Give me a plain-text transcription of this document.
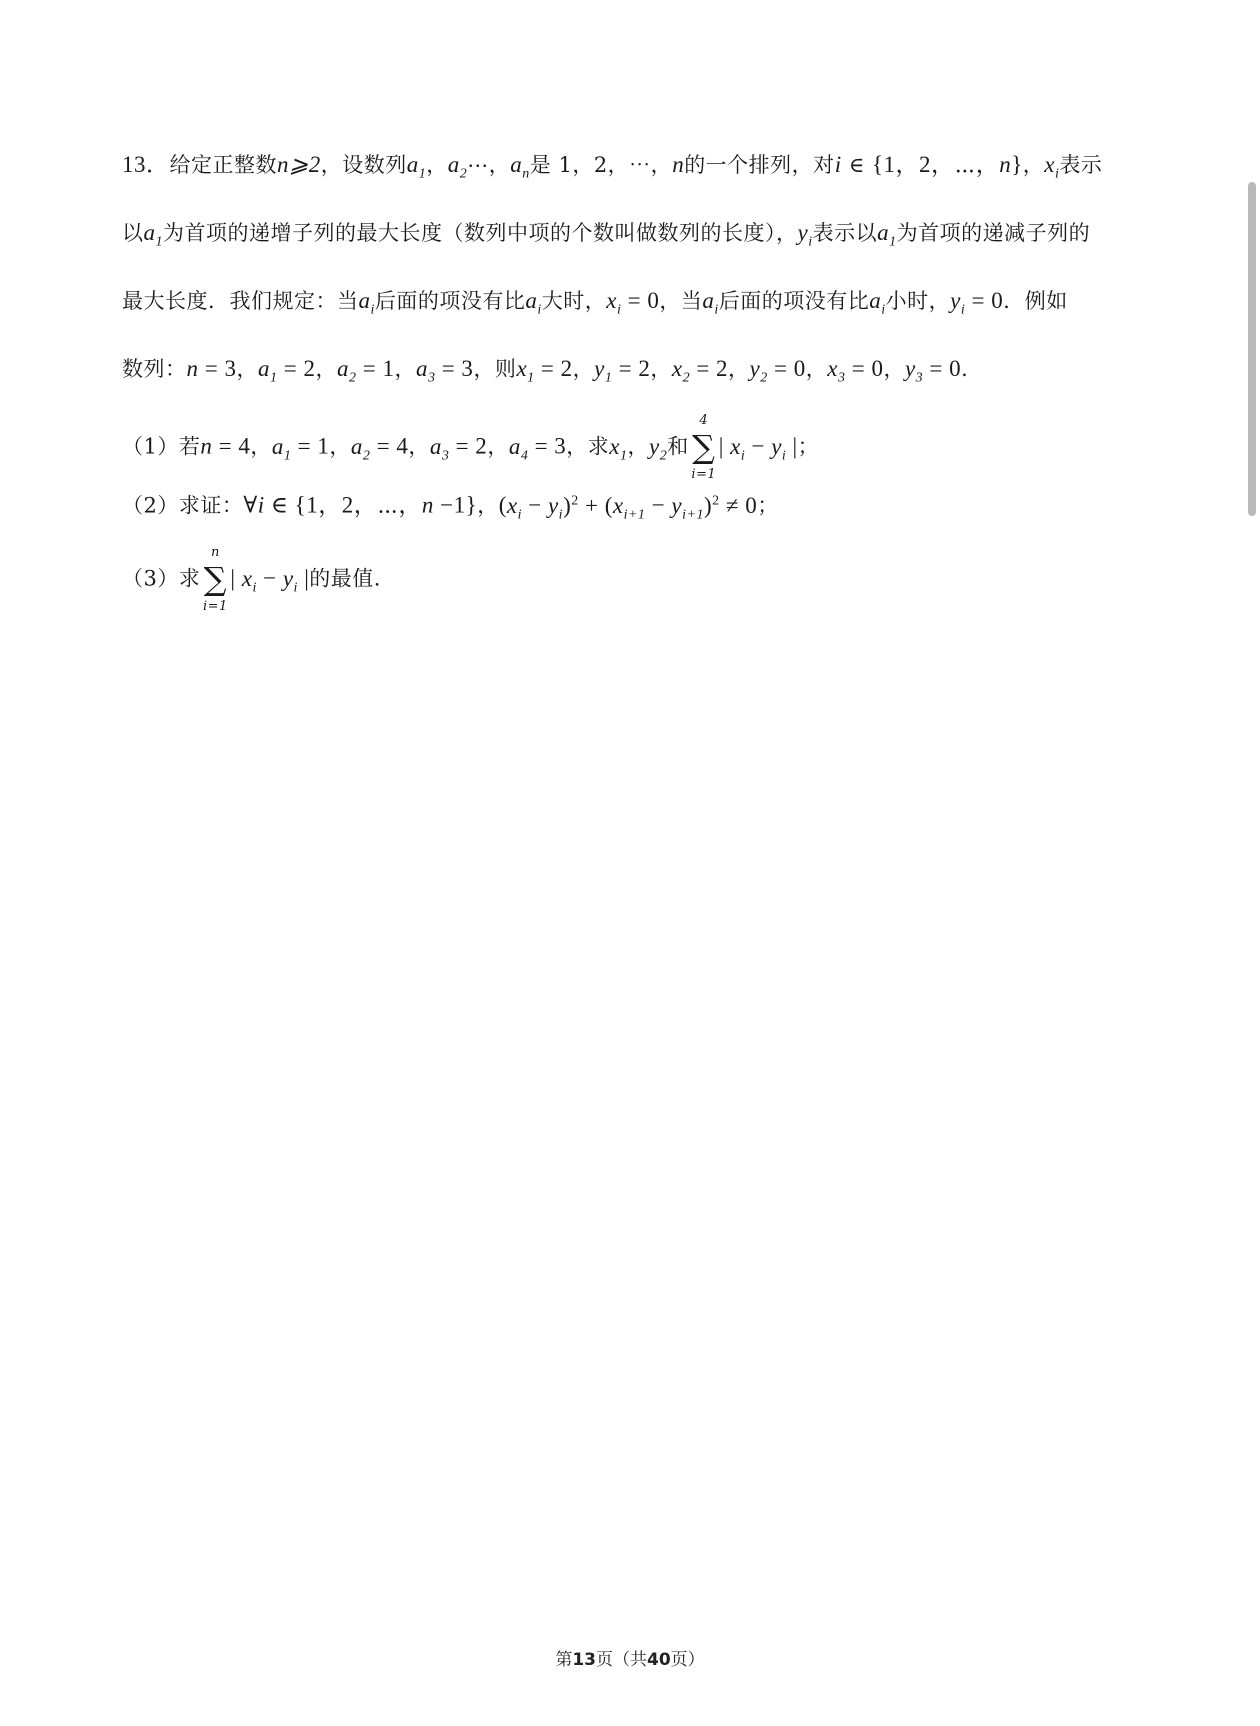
13．给定正整数n⩾2，设数列$a_1$，$a_2\cdots$，$a_n$是 1，2，⋯，n的一个排列，对i ∈ {1，2，⋯，n}，$x_i$表示
以$a_1$为首项的递增子列的最大长度（数列中项的个数叫做数列的长度），$y_i$表示以$a_1$为首项的递减子列的
最大长度．我们规定：当$a_i$后面的项没有比$a_i$大时，$x_i = 0$，当$a_i$后面的项没有比$a_i$小时，$y_i = 0$．例如
数列：n = 3，$a_1 = 2$，$a_2 = 1$，$a_3 = 3$，则$x_1 = 2$，$y_1 = 2$，$x_2 = 2$，$y_2 = 0$，$x_3 = 0$，$y_3 = 0$.
（1）若n = 4，$a_1 = 1$，$a_2 = 4$，$a_3 = 2$，$a_4 = 3$，求$x_1$，$y_2$和
4
∑
i=1
| $x_i - y_i$ |；
（2）求证：∀i ∈ {1，2，⋯，n −1}，$(x_i - y_i)^2 + (x_{i+1} - y_{i+1})^2 \ne 0$；
（3）求
n
∑
i=1
| $x_i - y_i$ |的最值.
第13页（共40页）
